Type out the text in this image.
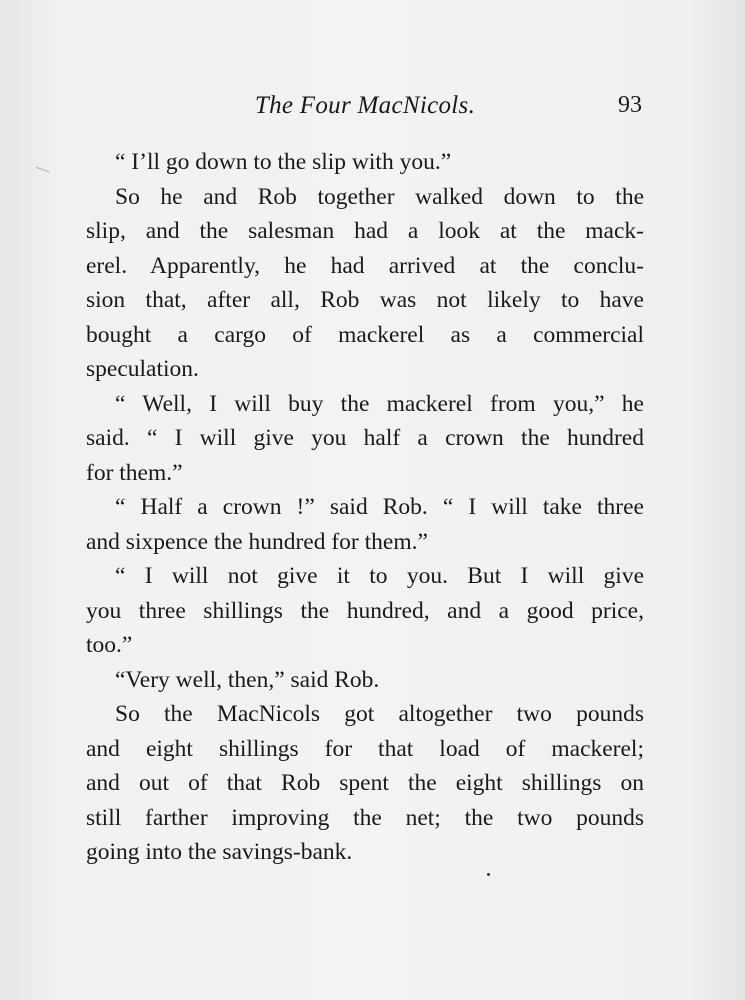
The Four MacNicols.	93
“ I’ll go down to the slip with you.”
So he and Rob together walked down to the
slip, and the salesman had a look at the mack-
erel. Apparently, he had arrived at the conclu-
sion that, after all, Rob was not likely to have
bought a cargo of mackerel as a commercial
speculation.
“ Well, I will buy the mackerel from you,” he
said. “ I will give you half a crown the hundred
for them.”
“ Half a crown !” said Rob. “ I will take three
and sixpence the hundred for them.”
“ I will not give it to you. But I will give
you three shillings the hundred, and a good price,
too.”
“Very well, then,” said Rob.
So the MacNicols got altogether two pounds
and eight shillings for that load of mackerel;
and out of that Rob spent the eight shillings on
still farther improving the net; the two pounds
going into the savings-bank.
